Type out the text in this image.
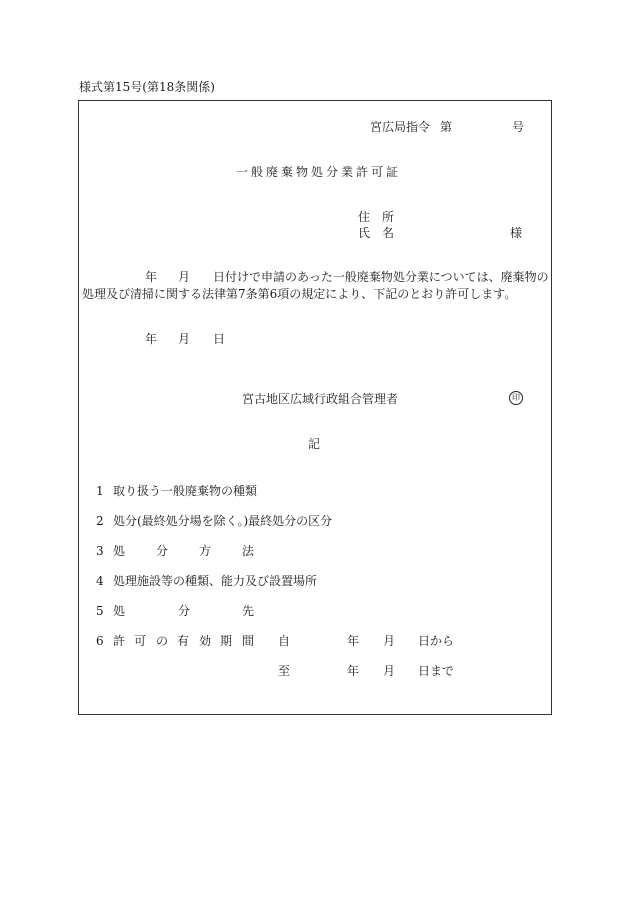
様式第15号(第18条関係)
宮広局指令 第	号
一般廃棄物処分業許可証
住　所
氏　名	様
年 月 日付けで申請のあった一般廃棄物処分業については、廃棄物の
処理及び清掃に関する法律第7条第6項の規定により、下記のとおり許可します。
年 月 日
宮古地区広域行政組合管理者	印
記
1 取り扱う一般廃棄物の種類
2 処分(最終処分場を除く。)最終処分の区分
3 処	分	方	法
4 処理施設等の種類、能力及び設置場所
5 処	分	先
6 許 可 の 有 効 期 間 自	年 月 日から
至	年 月 日まで
